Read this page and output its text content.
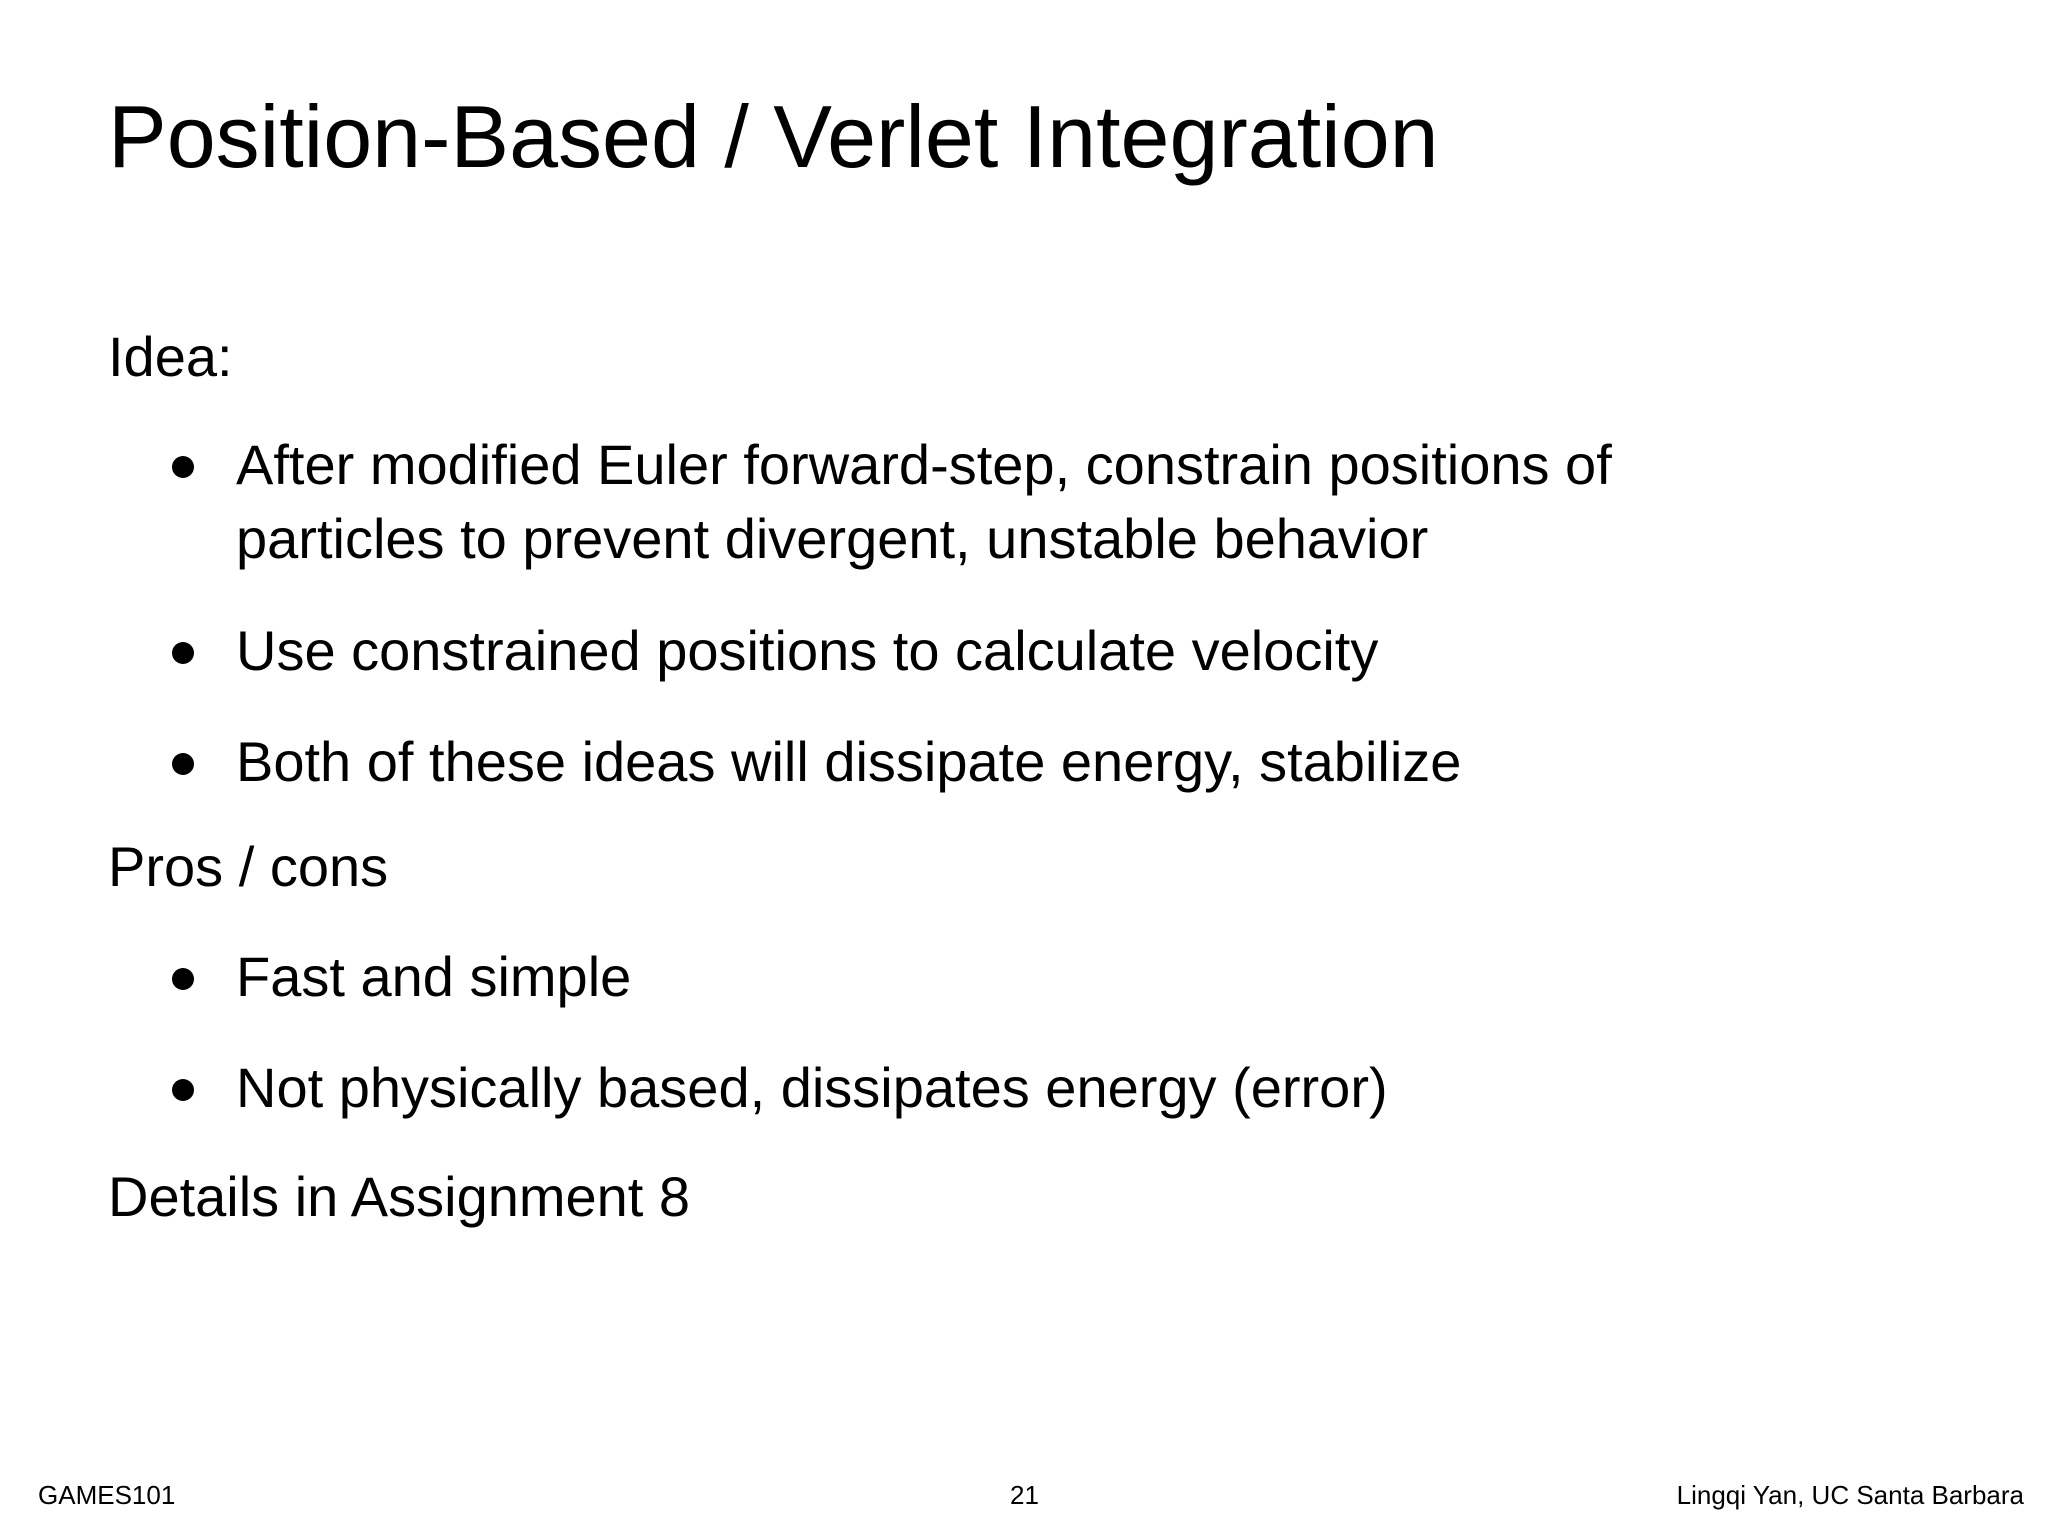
Position-Based / Verlet Integration

Idea:

After modified Euler forward-step, constrain positions of particles to prevent divergent, unstable behavior
Use constrained positions to calculate velocity
Both of these ideas will dissipate energy, stabilize

Pros / cons

Fast and simple
Not physically based, dissipates energy (error)

Details in Assignment 8

GAMES101	21	Lingqi Yan, UC Santa Barbara
